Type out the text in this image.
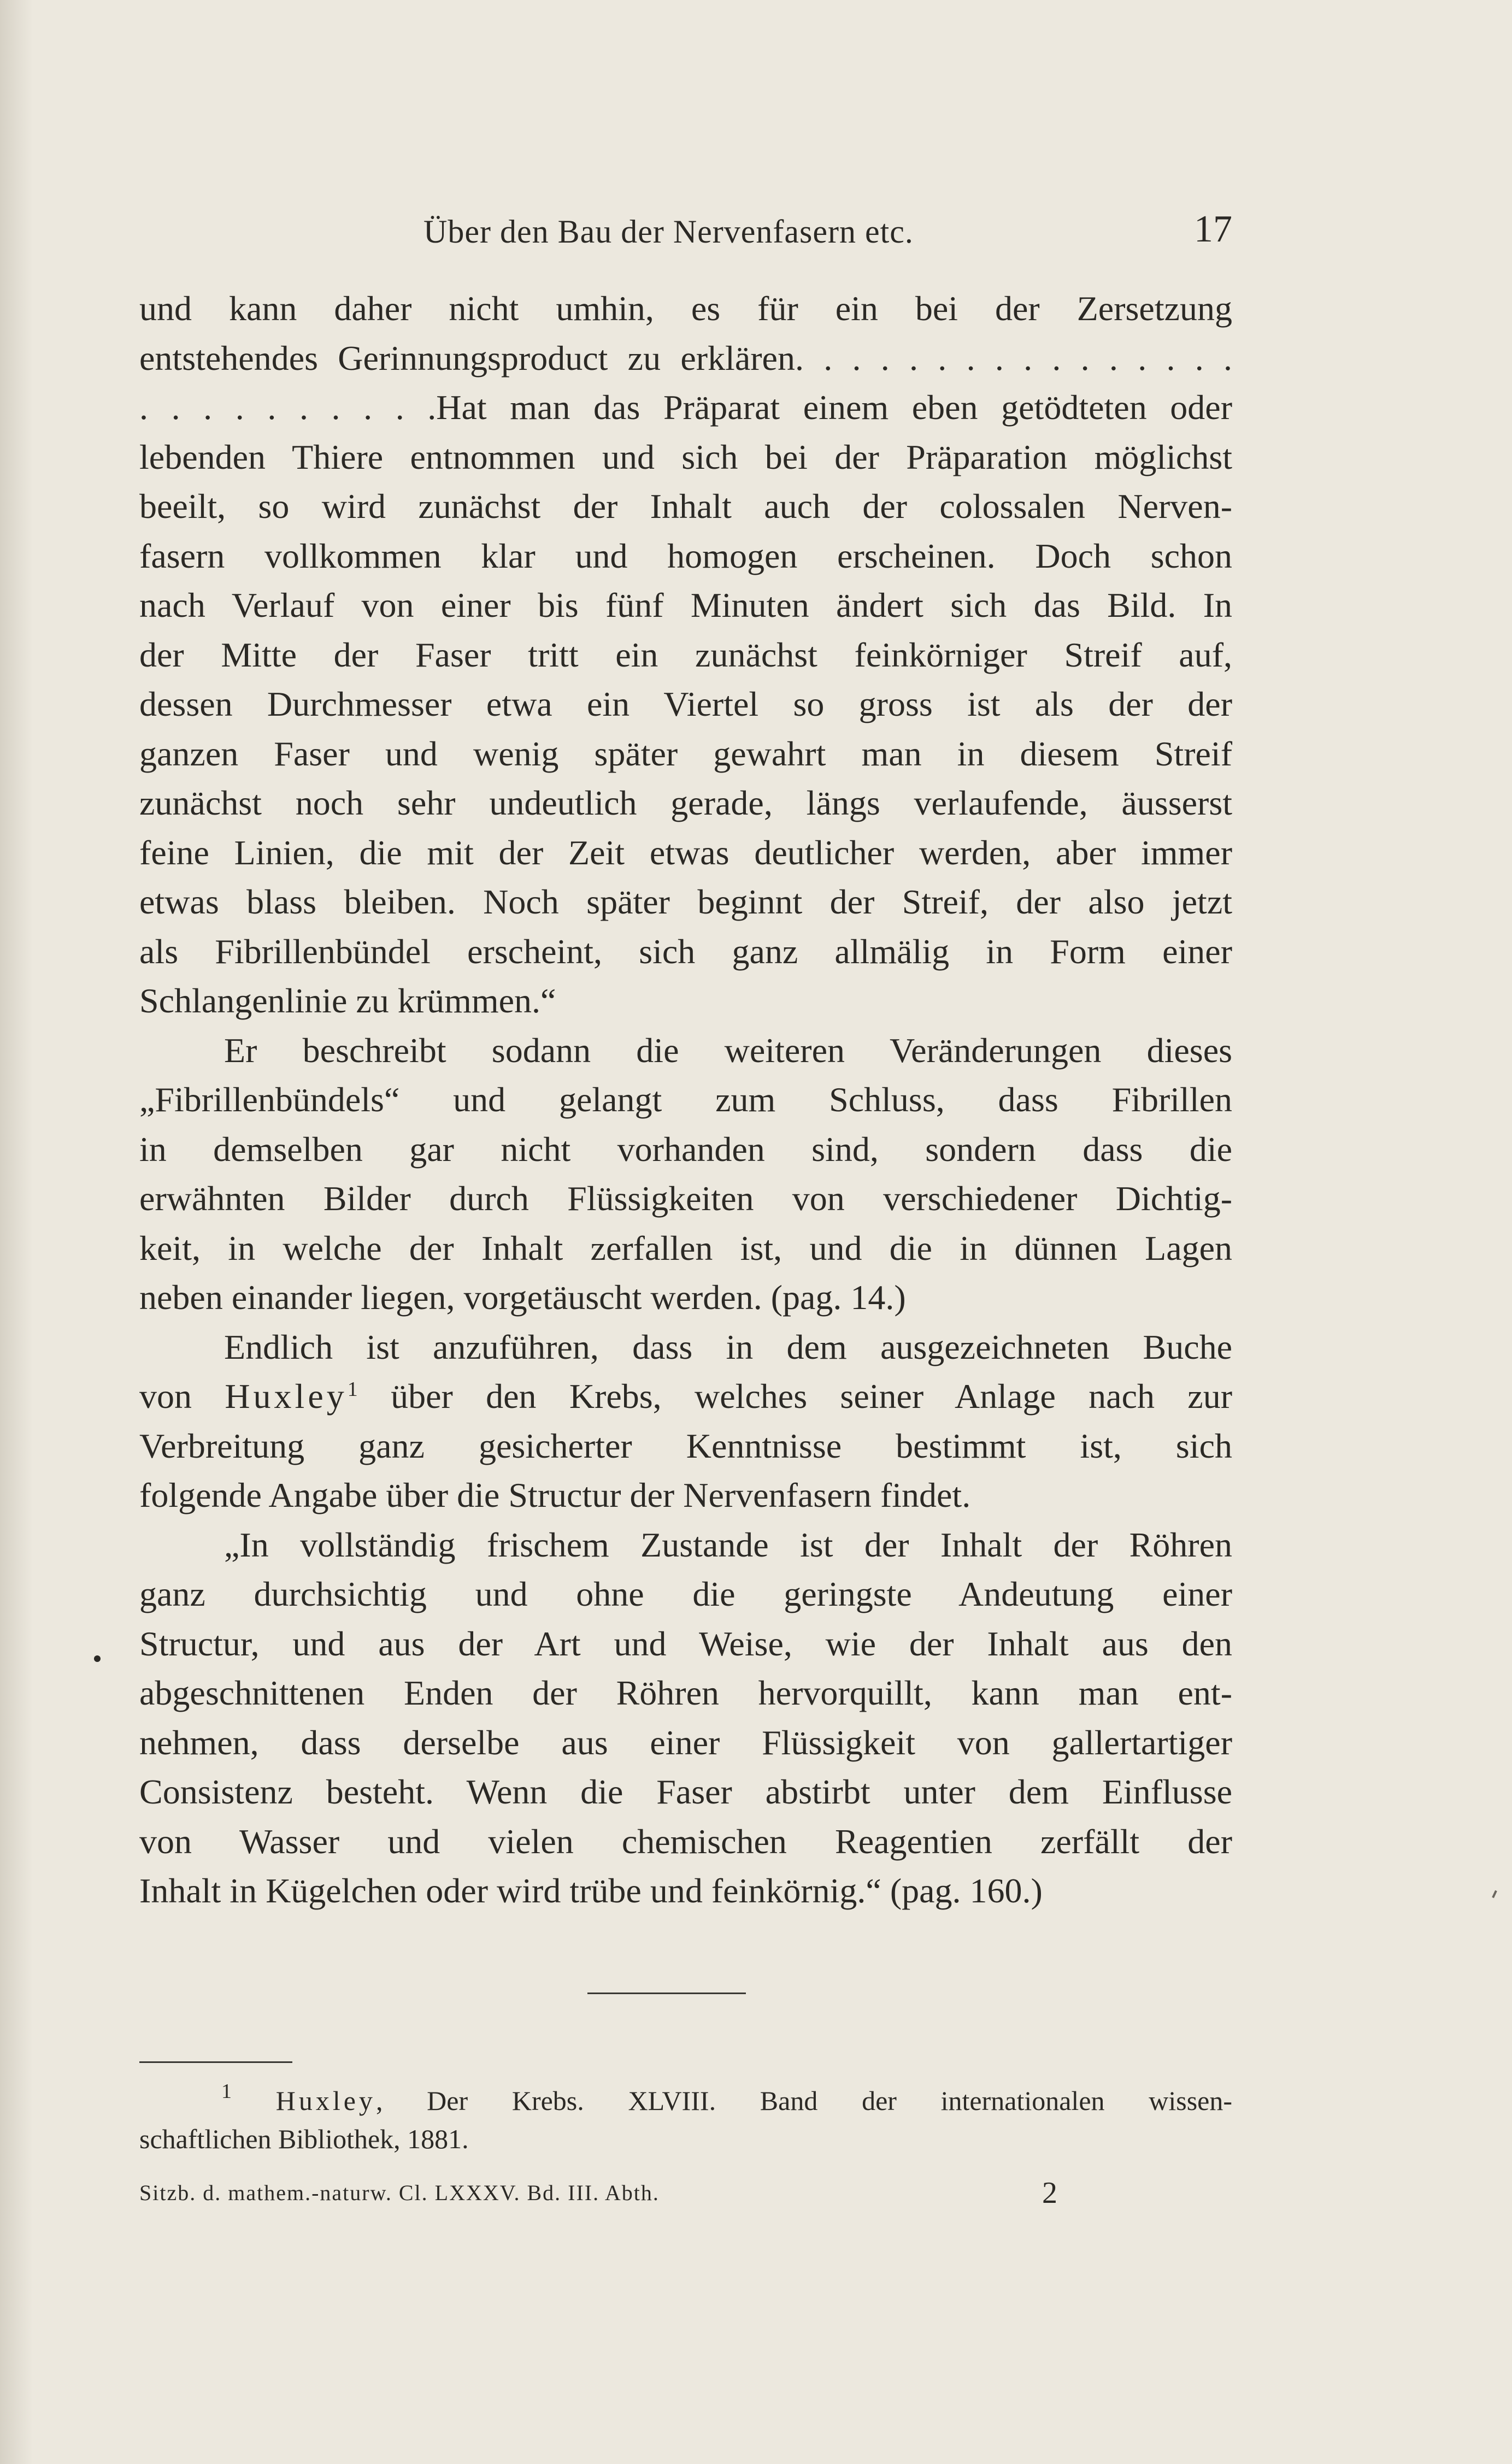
Über den Bau der Nervenfasern etc.	17
und kann daher nicht umhin, es für ein bei der Zersetzung
entstehendes Gerinnungsproduct zu erklären. . . . . . . . . . . . . . . .
. . . . . . . . . .Hat man das Präparat einem eben getödteten oder
lebenden Thiere entnommen und sich bei der Präparation möglichst
beeilt, so wird zunächst der Inhalt auch der colossalen Nerven-
fasern vollkommen klar und homogen erscheinen. Doch schon
nach Verlauf von einer bis fünf Minuten ändert sich das Bild. In
der Mitte der Faser tritt ein zunächst feinkörniger Streif auf,
dessen Durchmesser etwa ein Viertel so gross ist als der der
ganzen Faser und wenig später gewahrt man in diesem Streif
zunächst noch sehr undeutlich gerade, längs verlaufende, äusserst
feine Linien, die mit der Zeit etwas deutlicher werden, aber immer
etwas blass bleiben. Noch später beginnt der Streif, der also jetzt
als Fibrillenbündel erscheint, sich ganz allmälig in Form einer
Schlangenlinie zu krümmen.“
Er beschreibt sodann die weiteren Veränderungen dieses
„Fibrillenbündels“ und gelangt zum Schluss, dass Fibrillen
in demselben gar nicht vorhanden sind, sondern dass die
erwähnten Bilder durch Flüssigkeiten von verschiedener Dichtig-
keit, in welche der Inhalt zerfallen ist, und die in dünnen Lagen
neben einander liegen, vorgetäuscht werden. (pag. 14.)
Endlich ist anzuführen, dass in dem ausgezeichneten Buche
von Huxley$^1$ über den Krebs, welches seiner Anlage nach zur
Verbreitung ganz gesicherter Kenntnisse bestimmt ist, sich
folgende Angabe über die Structur der Nervenfasern findet.
„In vollständig frischem Zustande ist der Inhalt der Röhren
ganz durchsichtig und ohne die geringste Andeutung einer
Structur, und aus der Art und Weise, wie der Inhalt aus den
abgeschnittenen Enden der Röhren hervorquillt, kann man ent-
nehmen, dass derselbe aus einer Flüssigkeit von gallertartiger
Consistenz besteht. Wenn die Faser abstirbt unter dem Einflusse
von Wasser und vielen chemischen Reagentien zerfällt der
Inhalt in Kügelchen oder wird trübe und feinkörnig.“ (pag. 160.)
$^1$ Huxley, Der Krebs. XLVIII. Band der internationalen wissen-
schaftlichen Bibliothek, 1881.
Sitzb. d. mathem.-naturw. Cl. LXXXV. Bd. III. Abth.	2
